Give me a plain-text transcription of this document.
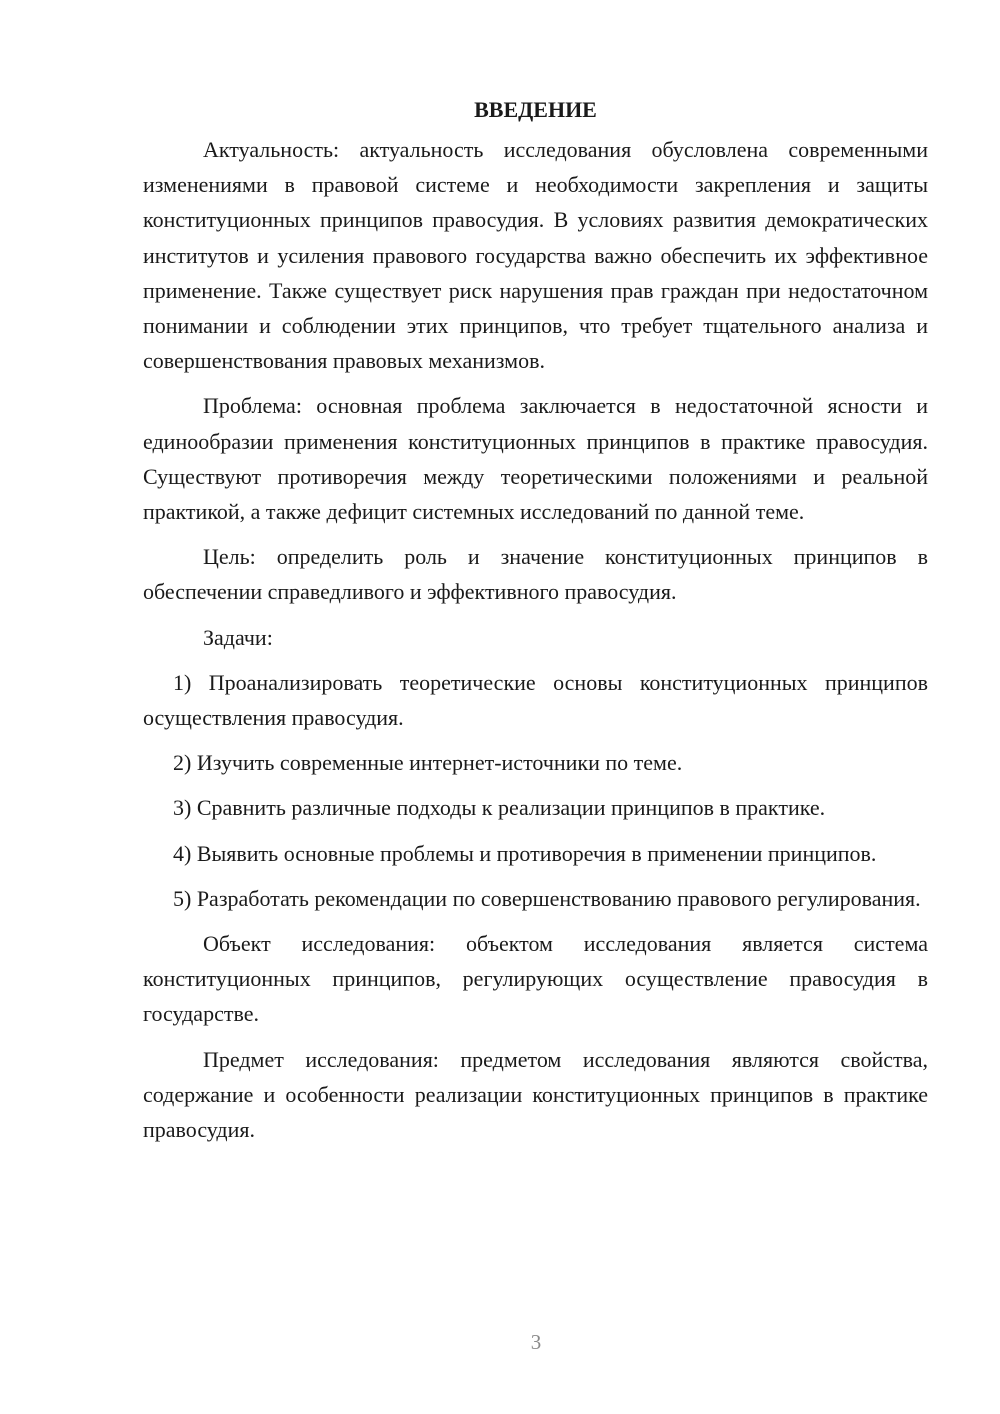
ВВЕДЕНИЕ

Актуальность: актуальность исследования обусловлена современными изменениями в правовой системе и необходимости закрепления и защиты конституционных принципов правосудия. В условиях развития демократических институтов и усиления правового государства важно обеспечить их эффективное применение. Также существует риск нарушения прав граждан при недостаточном понимании и соблюдении этих принципов, что требует тщательного анализа и совершенствования правовых механизмов.

Проблема: основная проблема заключается в недостаточной ясности и единообразии применения конституционных принципов в практике правосудия. Существуют противоречия между теоретическими положениями и реальной практикой, а также дефицит системных исследований по данной теме.

Цель: определить роль и значение конституционных принципов в обеспечении справедливого и эффективного правосудия.

Задачи:

1) Проанализировать теоретические основы конституционных принципов осуществления правосудия.

2) Изучить современные интернет-источники по теме.

3) Сравнить различные подходы к реализации принципов в практике.

4) Выявить основные проблемы и противоречия в применении принципов.

5) Разработать рекомендации по совершенствованию правового регулирования.

Объект исследования: объектом исследования является система конституционных принципов, регулирующих осуществление правосудия в государстве.

Предмет исследования: предметом исследования являются свойства, содержание и особенности реализации конституционных принципов в практике правосудия.

3
